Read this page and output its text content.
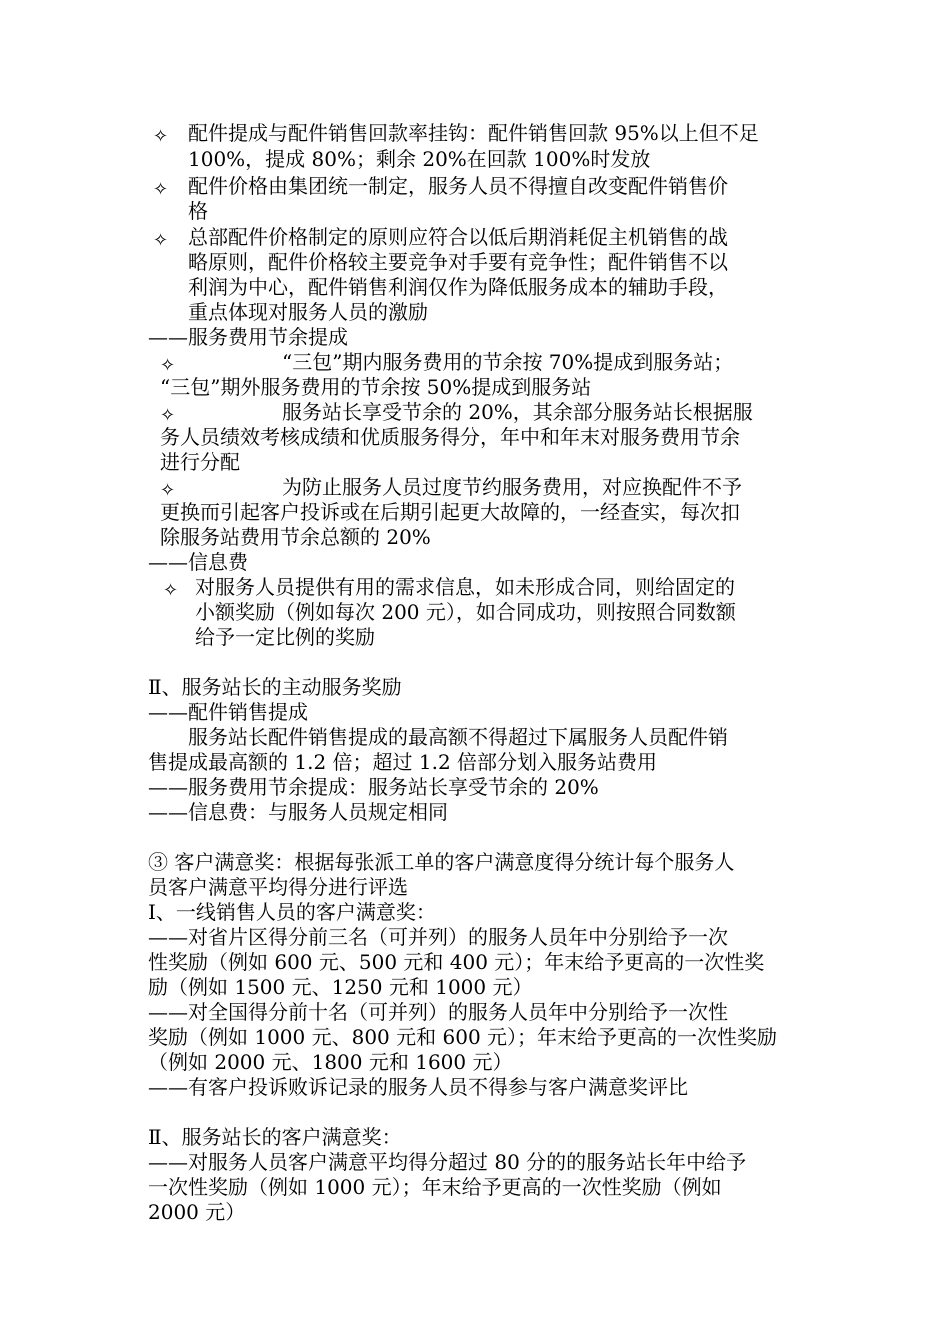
✧ 配件提成与配件销售回款率挂钩：配件销售回款 95%以上但不足

100%，提成 80%；剩余 20%在回款 100%时发放

✧ 配件价格由集团统一制定，服务人员不得擅自改变配件销售价

格

✧ 总部配件价格制定的原则应符合以低后期消耗促主机销售的战

略原则，配件价格较主要竞争对手要有竞争性；配件销售不以

利润为中心，配件销售利润仅作为降低服务成本的辅助手段，

重点体现对服务人员的激励

——服务费用节余提成

✧	“三包”期内服务费用的节余按 70%提成到服务站；

“三包”期外服务费用的节余按 50%提成到服务站

✧	服务站长享受节余的 20%，其余部分服务站长根据服

务人员绩效考核成绩和优质服务得分，年中和年末对服务费用节余

进行分配

✧	为防止服务人员过度节约服务费用，对应换配件不予

更换而引起客户投诉或在后期引起更大故障的，一经查实，每次扣

除服务站费用节余总额的 20%

——信息费

✧ 对服务人员提供有用的需求信息，如未形成合同，则给固定的

小额奖励（例如每次 200 元），如合同成功，则按照合同数额

给予一定比例的奖励

Ⅱ、服务站长的主动服务奖励

——配件销售提成

服务站长配件销售提成的最高额不得超过下属服务人员配件销

售提成最高额的 1.2 倍；超过 1.2 倍部分划入服务站费用

——服务费用节余提成：服务站长享受节余的 20%

——信息费：与服务人员规定相同

③ 客户满意奖：根据每张派工单的客户满意度得分统计每个服务人

员客户满意平均得分进行评选

Ⅰ、一线销售人员的客户满意奖：

——对省片区得分前三名（可并列）的服务人员年中分别给予一次

性奖励（例如 600 元、500 元和 400 元）；年末给予更高的一次性奖

励（例如 1500 元、1250 元和 1000 元）

——对全国得分前十名（可并列）的服务人员年中分别给予一次性

奖励（例如 1000 元、800 元和 600 元）；年末给予更高的一次性奖励

（例如 2000 元、1800 元和 1600 元）

——有客户投诉败诉记录的服务人员不得参与客户满意奖评比

Ⅱ、服务站长的客户满意奖：

——对服务人员客户满意平均得分超过 80 分的的服务站长年中给予

一次性奖励（例如 1000 元）；年末给予更高的一次性奖励（例如

2000 元）
